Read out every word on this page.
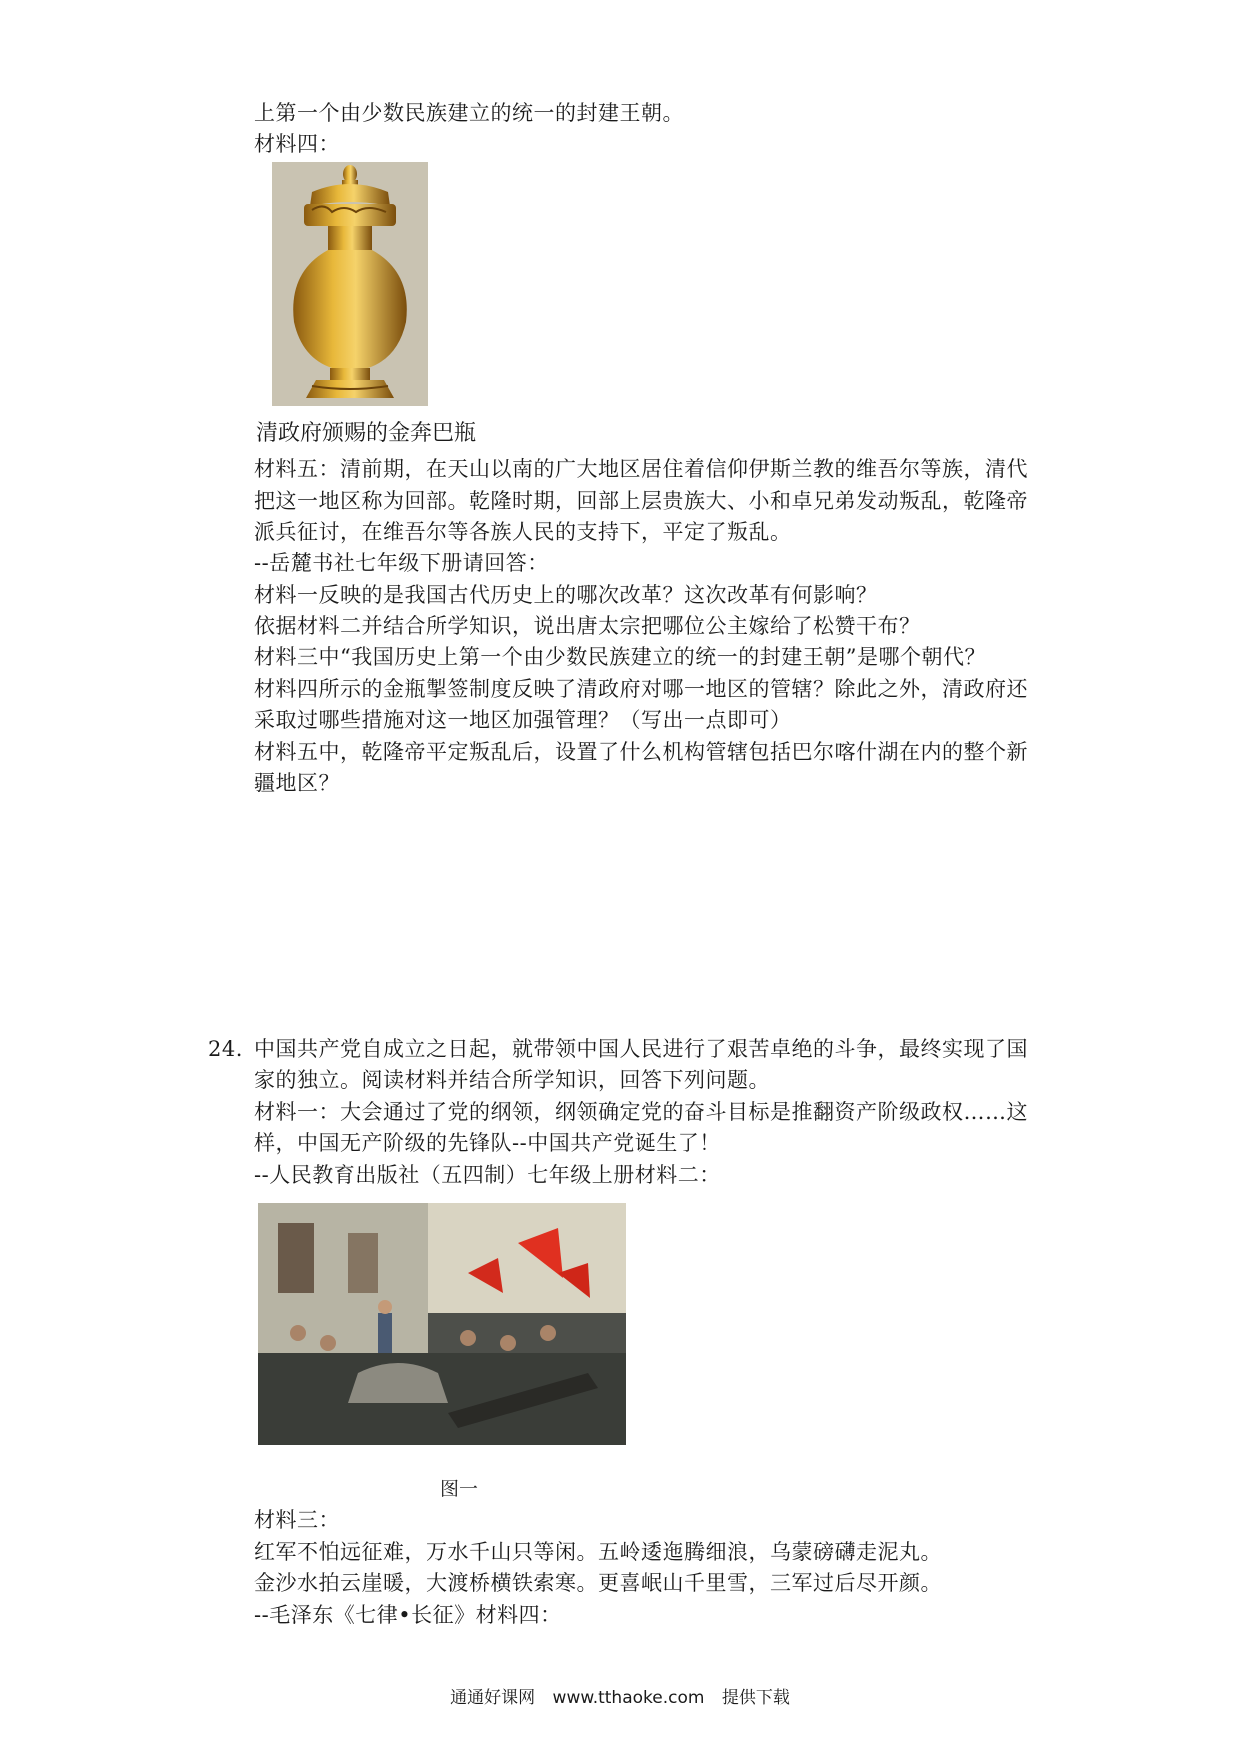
上第一个由少数民族建立的统一的封建王朝。
材料四：
清政府颁赐的金奔巴瓶
材料五：清前期，在天山以南的广大地区居住着信仰伊斯兰教的维吾尔等族，清代
把这一地区称为回部。乾隆时期，回部上层贵族大、小和卓兄弟发动叛乱，乾隆帝
派兵征讨，在维吾尔等各族人民的支持下，平定了叛乱。
--岳麓书社七年级下册请回答：
材料一反映的是我国古代历史上的哪次改革？这次改革有何影响？
依据材料二并结合所学知识，说出唐太宗把哪位公主嫁给了松赞干布？
材料三中“我国历史上第一个由少数民族建立的统一的封建王朝”是哪个朝代？
材料四所示的金瓶掣签制度反映了清政府对哪一地区的管辖？除此之外，清政府还
采取过哪些措施对这一地区加强管理？（写出一点即可）
材料五中，乾隆帝平定叛乱后，设置了什么机构管辖包括巴尔喀什湖在内的整个新
疆地区？
24. 中国共产党自成立之日起，就带领中国人民进行了艰苦卓绝的斗争，最终实现了国
家的独立。阅读材料并结合所学知识，回答下列问题。
材料一：大会通过了党的纲领，纲领确定党的奋斗目标是推翻资产阶级政权……这
样，中国无产阶级的先锋队--中国共产党诞生了！
--人民教育出版社（五四制）七年级上册材料二：
图一
材料三：
红军不怕远征难，万水千山只等闲。五岭逶迤腾细浪，乌蒙磅礴走泥丸。
金沙水拍云崖暖，大渡桥横铁索寒。更喜岷山千里雪，三军过后尽开颜。
--毛泽东《七律•长征》材料四：
通通好课网 www.tthaoke.com 提供下载
